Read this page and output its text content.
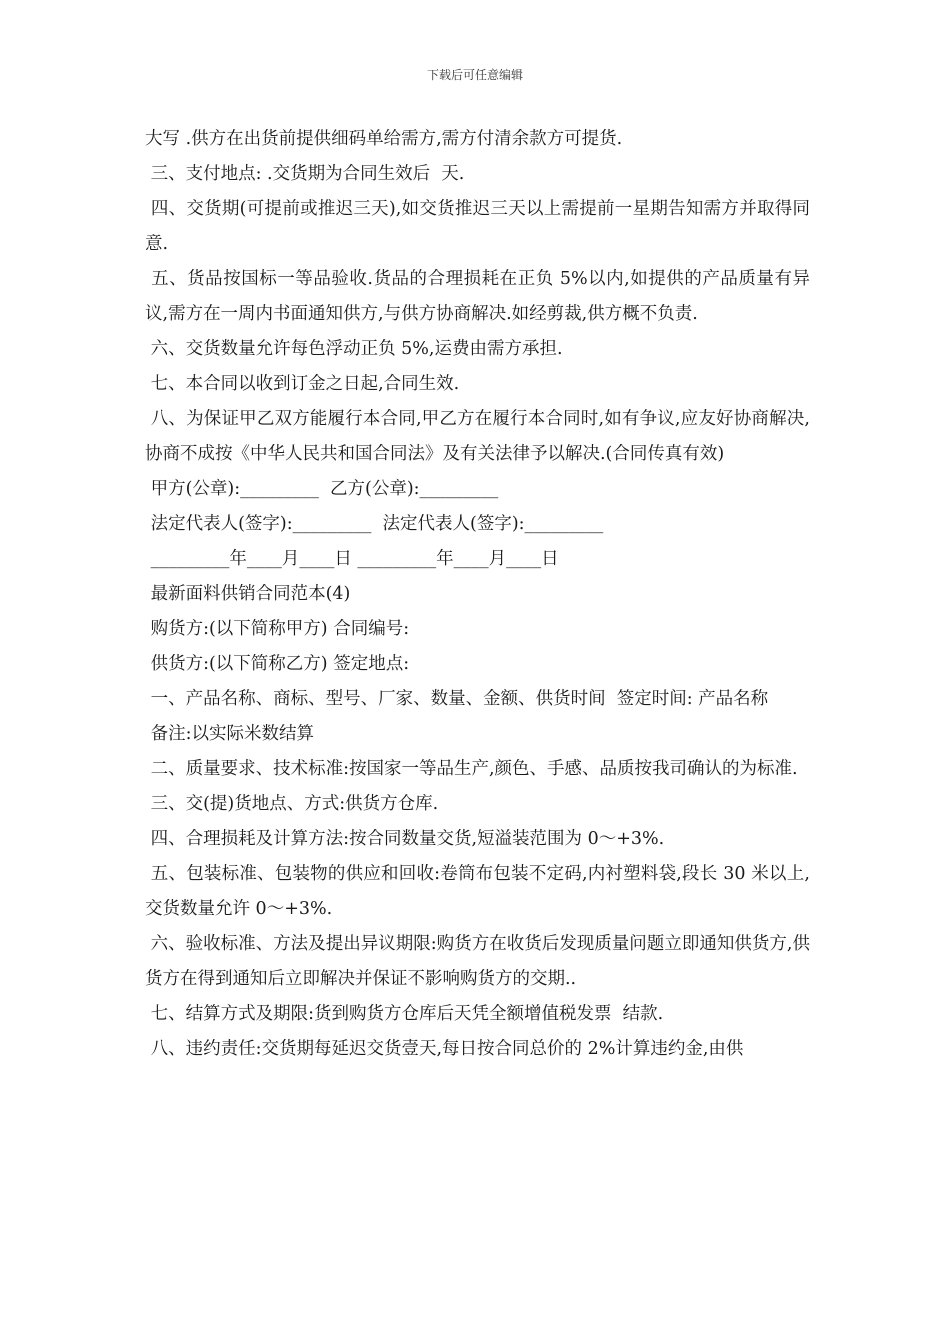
下载后可任意编辑

大写 .供方在出货前提供细码单给需方,需方付清余款方可提货.

三、支付地点: .交货期为合同生效后  天.

四、交货期(可提前或推迟三天),如交货推迟三天以上需提前一星期告知需方并取得同意.

五、货品按国标一等品验收.货品的合理损耗在正负 5%以内,如提供的产品质量有异议,需方在一周内书面通知供方,与供方协商解决.如经剪裁,供方概不负责.

六、交货数量允许每色浮动正负 5%,运费由需方承担.

七、本合同以收到订金之日起,合同生效.

八、为保证甲乙双方能履行本合同,甲乙方在履行本合同时,如有争议,应友好协商解决,协商不成按《中华人民共和国合同法》及有关法律予以解决.(合同传真有效)

甲方(公章):_________  乙方(公章):_________

法定代表人(签字):_________  法定代表人(签字):_________

_________年____月____日 _________年____月____日

最新面料供销合同范本(4)

购货方:(以下简称甲方) 合同编号:

供货方:(以下简称乙方) 签定地点:

一、产品名称、商标、型号、厂家、数量、金额、供货时间  签定时间: 产品名称

备注:以实际米数结算

二、质量要求、技术标准:按国家一等品生产,颜色、手感、品质按我司确认的为标准.

三、交(提)货地点、方式:供货方仓库.

四、合理损耗及计算方法:按合同数量交货,短溢装范围为 0～+3%.

五、包装标准、包装物的供应和回收:卷筒布包装不定码,内衬塑料袋,段长 30 米以上,交货数量允许 0～+3%.

六、验收标准、方法及提出异议期限:购货方在收货后发现质量问题立即通知供货方,供货方在得到通知后立即解决并保证不影响购货方的交期..

七、结算方式及期限:货到购货方仓库后天凭全额增值税发票  结款.

八、违约责任:交货期每延迟交货壹天,每日按合同总价的 2%计算违约金,由供
